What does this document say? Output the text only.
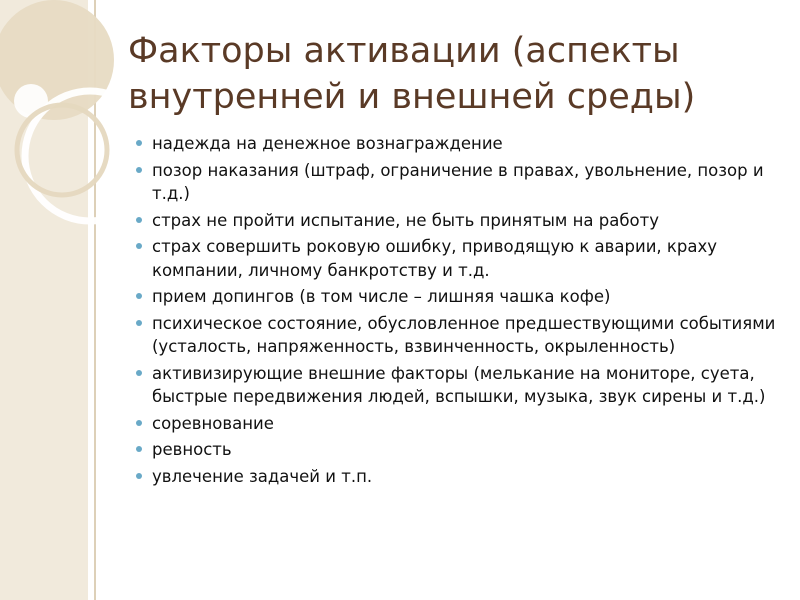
Факторы активации (аспекты
внутренней и внешней среды)
надежда на денежное вознаграждение
позор наказания (штраф, ограничение в правах, увольнение, позор и т.д.)
страх не пройти испытание, не быть принятым на работу
страх совершить роковую ошибку, приводящую к аварии, краху компании, личному банкротству и т.д.
прием допингов (в том числе – лишняя чашка кофе)
психическое состояние, обусловленное предшествующими событиями (усталость, напряженность, взвинченность, окрыленность)
активизирующие внешние факторы (мелькание на мониторе, суета, быстрые передвижения людей, вспышки, музыка, звук сирены и т.д.)
соревнование
ревность
увлечение задачей и т.п.
